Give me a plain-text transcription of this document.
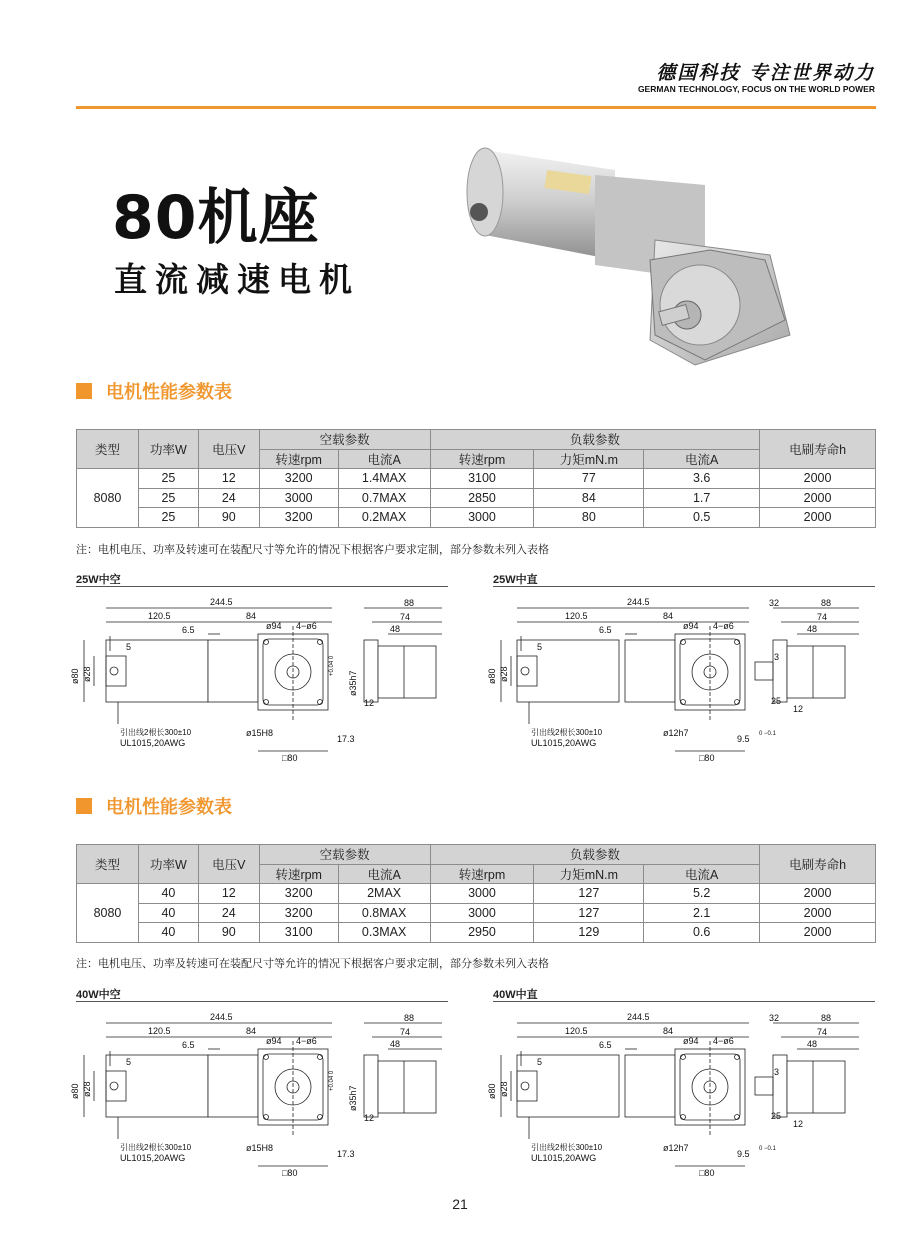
德国科技 专注世界动力
GERMAN TECHNOLOGY, FOCUS ON THE WORLD POWER
80机座
直流减速电机
电机性能参数表
类型	功率W	电压V	空载参数		负载参数			电刷寿命h
			转速rpm	电流A	转速rpm	力矩mN.m	电流A	
8080	25	12	3200	1.4MAX	3100	77	3.6	2000
	25	24	3000	0.7MAX	2850	84	1.7	2000
	25	90	3200	0.2MAX	3000	80	0.5	2000
注：电机电压、功率及转速可在装配尺寸等允许的情况下根据客户要求定制，部分参数未列入表格
25W中空	25W中直
电机性能参数表
类型	功率W	电压V	空载参数		负载参数			电刷寿命h
			转速rpm	电流A	转速rpm	力矩mN.m	电流A	
8080	40	12	3200	2MAX	3000	127	5.2	2000
	40	24	3200	0.8MAX	3000	127	2.1	2000
	40	90	3100	0.3MAX	2950	129	0.6	2000
注：电机电压、功率及转速可在装配尺寸等允许的情况下根据客户要求定制，部分参数未列入表格
40W中空	40W中直
244.5
120.5	84
6.5
5
ø94 4−ø6
ø80 ø28
引出线2根长300±10
UL1015,20AWG
□80
ø15H8
17.3
+0.04 0
ø35h7
88
74
48
12
244.5
120.5	84
6.5
5
ø94 4−ø6
ø80 ø28
引出线2根长300±10
UL1015,20AWG
□80
ø12h7
9.5 0 −0.1
88
74
48
32
3
25
12
244.5
120.5	84
6.5
5
ø94 4−ø6
ø80 ø28
引出线2根长300±10
UL1015,20AWG
□80
ø15H8
17.3
+0.04 0
ø35h7
88
74
48
12
244.5
120.5	84
6.5
5
ø94 4−ø6
ø80 ø28
引出线2根长300±10
UL1015,20AWG
□80
ø12h7
9.5 0 −0.1
88
74
48
32
3
25
12
21
